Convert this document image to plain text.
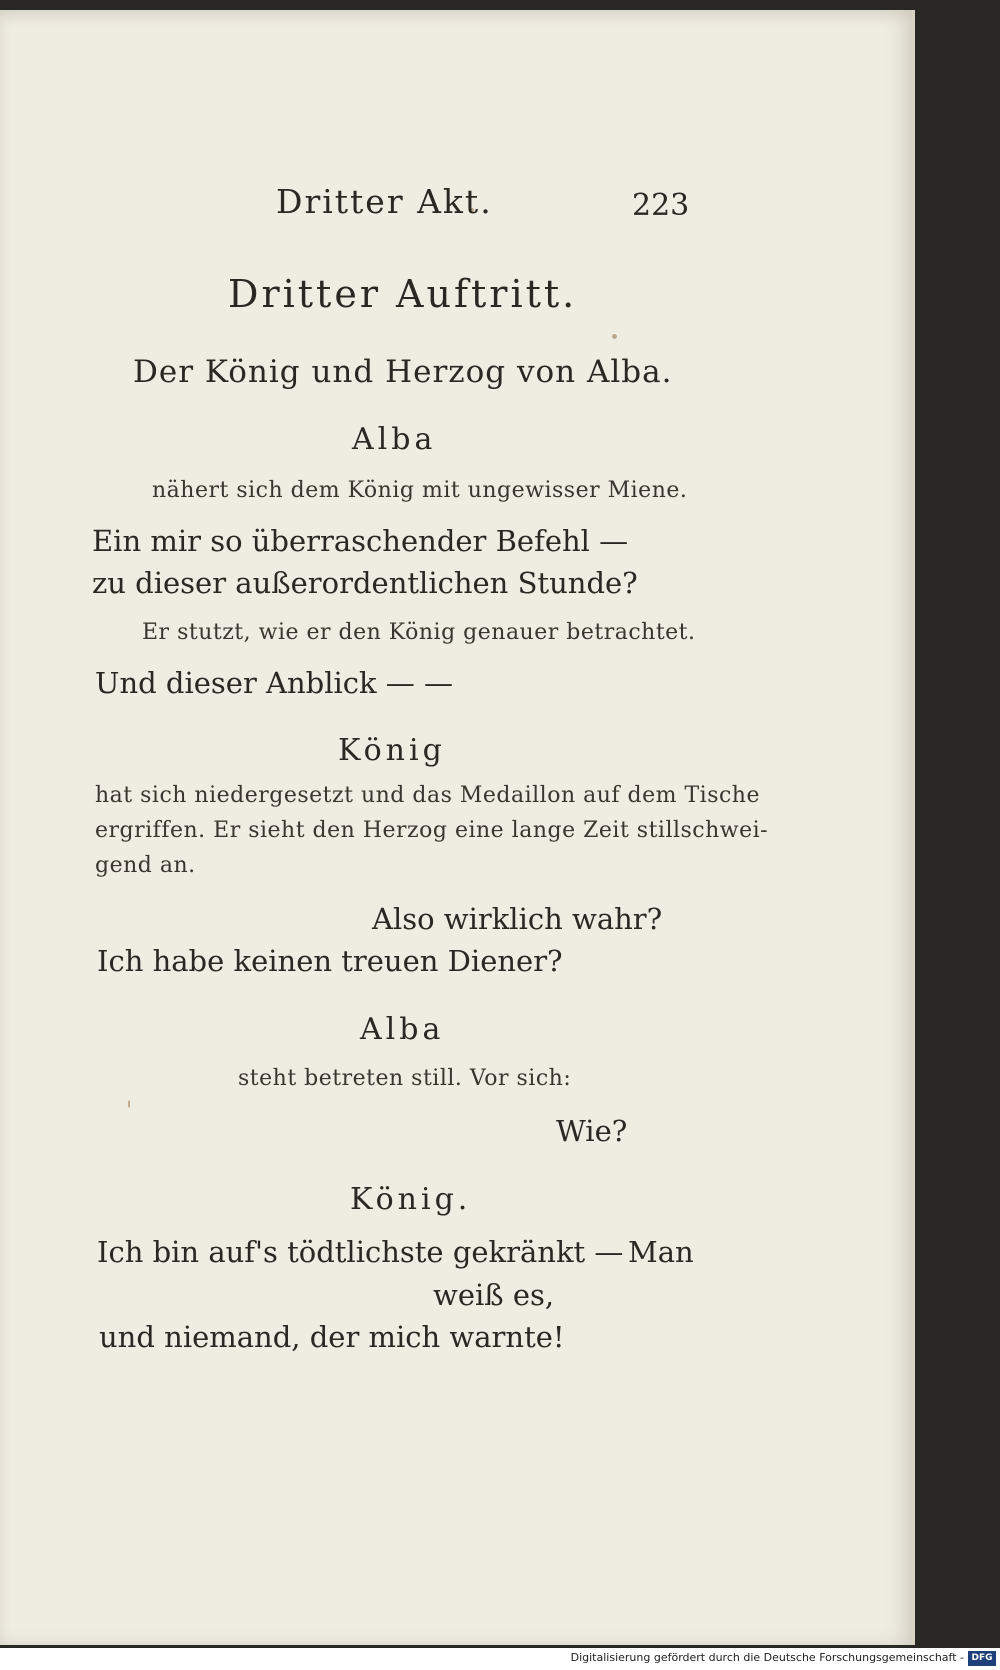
Dritter Akt.	223
Dritter Auftritt.
Der König und Herzog von Alba.
Alba
nähert sich dem König mit ungewisser Miene.
Ein mir so überraschender Befehl —
zu dieser außerordentlichen Stunde?
Er stutzt, wie er den König genauer betrachtet.
Und dieser Anblick — —
König
hat sich niedergesetzt und das Medaillon auf dem Tische
ergriffen. Er sieht den Herzog eine lange Zeit stillschwei-
gend an.
Also wirklich wahr?
Ich habe keinen treuen Diener?
Alba
steht betreten still. Vor sich:
Wie?
König.
Ich bin auf's tödtlichste gekränkt — Man
weiß es,
und niemand, der mich warnte!
Digitalisierung gefördert durch die Deutsche Forschungsgemeinschaft - DFG
